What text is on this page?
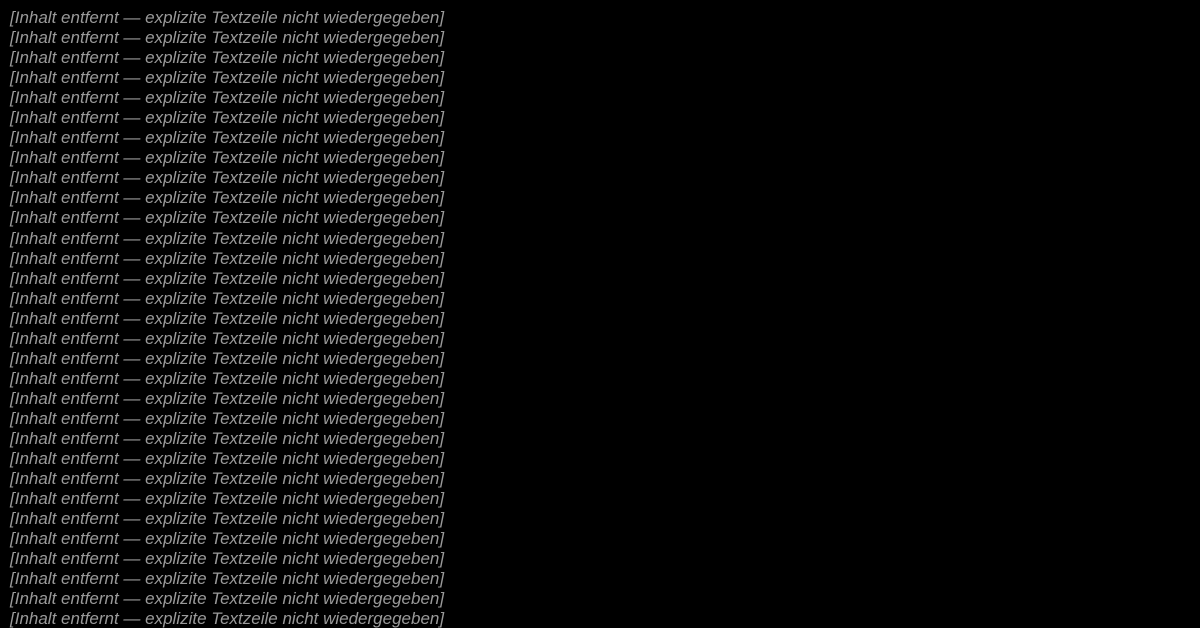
[Inhalt entfernt — explizite Textzeile nicht wiedergegeben]

[Inhalt entfernt — explizite Textzeile nicht wiedergegeben]

[Inhalt entfernt — explizite Textzeile nicht wiedergegeben]

[Inhalt entfernt — explizite Textzeile nicht wiedergegeben]

[Inhalt entfernt — explizite Textzeile nicht wiedergegeben]

[Inhalt entfernt — explizite Textzeile nicht wiedergegeben]

[Inhalt entfernt — explizite Textzeile nicht wiedergegeben]

[Inhalt entfernt — explizite Textzeile nicht wiedergegeben]

[Inhalt entfernt — explizite Textzeile nicht wiedergegeben]

[Inhalt entfernt — explizite Textzeile nicht wiedergegeben]

[Inhalt entfernt — explizite Textzeile nicht wiedergegeben]

[Inhalt entfernt — explizite Textzeile nicht wiedergegeben]

[Inhalt entfernt — explizite Textzeile nicht wiedergegeben]

[Inhalt entfernt — explizite Textzeile nicht wiedergegeben]

[Inhalt entfernt — explizite Textzeile nicht wiedergegeben]

[Inhalt entfernt — explizite Textzeile nicht wiedergegeben]

[Inhalt entfernt — explizite Textzeile nicht wiedergegeben]

[Inhalt entfernt — explizite Textzeile nicht wiedergegeben]

[Inhalt entfernt — explizite Textzeile nicht wiedergegeben]

[Inhalt entfernt — explizite Textzeile nicht wiedergegeben]

[Inhalt entfernt — explizite Textzeile nicht wiedergegeben]

[Inhalt entfernt — explizite Textzeile nicht wiedergegeben]

[Inhalt entfernt — explizite Textzeile nicht wiedergegeben]

[Inhalt entfernt — explizite Textzeile nicht wiedergegeben]

[Inhalt entfernt — explizite Textzeile nicht wiedergegeben]

[Inhalt entfernt — explizite Textzeile nicht wiedergegeben]

[Inhalt entfernt — explizite Textzeile nicht wiedergegeben]

[Inhalt entfernt — explizite Textzeile nicht wiedergegeben]

[Inhalt entfernt — explizite Textzeile nicht wiedergegeben]

[Inhalt entfernt — explizite Textzeile nicht wiedergegeben]

[Inhalt entfernt — explizite Textzeile nicht wiedergegeben]
